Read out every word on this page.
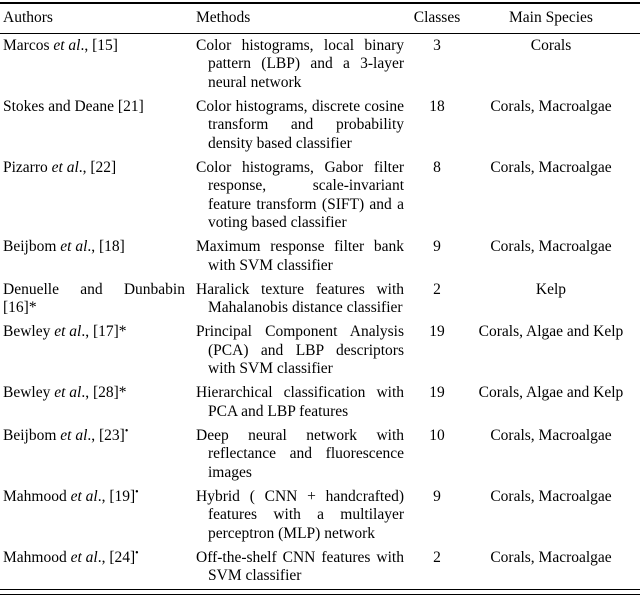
Authors	Methods	Classes	Main Species
Marcos et al., [15]	Color histograms, local binary pattern (LBP) and a 3-layer neural network	3	Corals
Stokes and Deane [21]	Color histograms, discrete cosine transform and probability density based classifier	18	Corals, Macroalgae
Pizarro et al., [22]	Color histograms, Gabor filter response, scale-invariant feature transform (SIFT) and a voting based classifier	8	Corals, Macroalgae
Beijbom et al., [18]	Maximum response filter bank with SVM classifier	9	Corals, Macroalgae
Denuelle and Dunbabin [16]*	Haralick texture features with Mahalanobis distance classifier	2	Kelp
Bewley et al., [17]*	Principal Component Analysis (PCA) and LBP descriptors with SVM classifier	19	Corals, Algae and Kelp
Bewley et al., [28]*	Hierarchical classification with PCA and LBP features	19	Corals, Algae and Kelp
Beijbom et al., [23]•	Deep neural network with reflectance and fluorescence images	10	Corals, Macroalgae
Mahmood et al., [19]•	Hybrid ( CNN + handcrafted) features with a multilayer perceptron (MLP) network	9	Corals, Macroalgae
Mahmood et al., [24]•	Off-the-shelf CNN features with SVM classifier	2	Corals, Macroalgae
